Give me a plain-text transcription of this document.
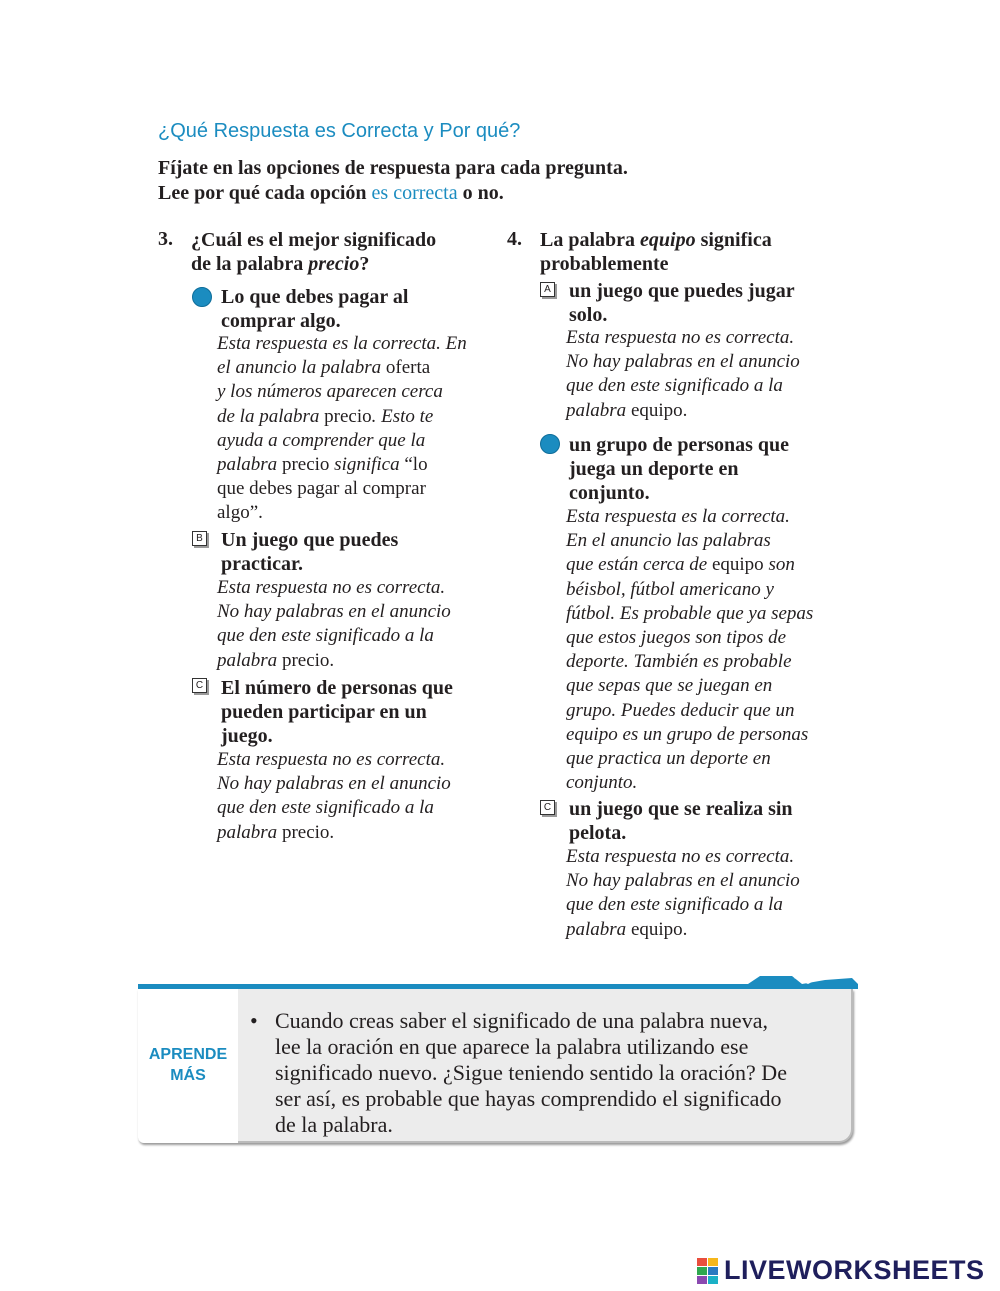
¿Qué Respuesta es Correcta y Por qué?
Fíjate en las opciones de respuesta para cada pregunta.
Lee por qué cada opción es correcta o no.
3. ¿Cuál es el mejor significado
de la palabra precio?
Lo que debes pagar al
comprar algo.
Esta respuesta es la correcta. En
el anuncio la palabra oferta
y los números aparecen cerca
de la palabra precio. Esto te
ayuda a comprender que la
palabra precio significa “lo
que debes pagar al comprar
algo”.
B Un juego que puedes
practicar.
Esta respuesta no es correcta.
No hay palabras en el anuncio
que den este significado a la
palabra precio.
C El número de personas que
pueden participar en un
juego.
Esta respuesta no es correcta.
No hay palabras en el anuncio
que den este significado a la
palabra precio.
4. La palabra equipo significa
probablemente
A un juego que puedes jugar
solo.
Esta respuesta no es correcta.
No hay palabras en el anuncio
que den este significado a la
palabra equipo.
un grupo de personas que
juega un deporte en
conjunto.
Esta respuesta es la correcta.
En el anuncio las palabras
que están cerca de equipo son
béisbol, fútbol americano y
fútbol. Es probable que ya sepas
que estos juegos son tipos de
deporte. También es probable
que sepas que se juegan en
grupo. Puedes deducir que un
equipo es un grupo de personas
que practica un deporte en
conjunto.
C un juego que se realiza sin
pelota.
Esta respuesta no es correcta.
No hay palabras en el anuncio
que den este significado a la
palabra equipo.
APRENDE
MÁS
• Cuando creas saber el significado de una palabra nueva,
lee la oración en que aparece la palabra utilizando ese
significado nuevo. ¿Sigue teniendo sentido la oración? De
ser así, es probable que hayas comprendido el significado
de la palabra.
LIVEWORKSHEETS
